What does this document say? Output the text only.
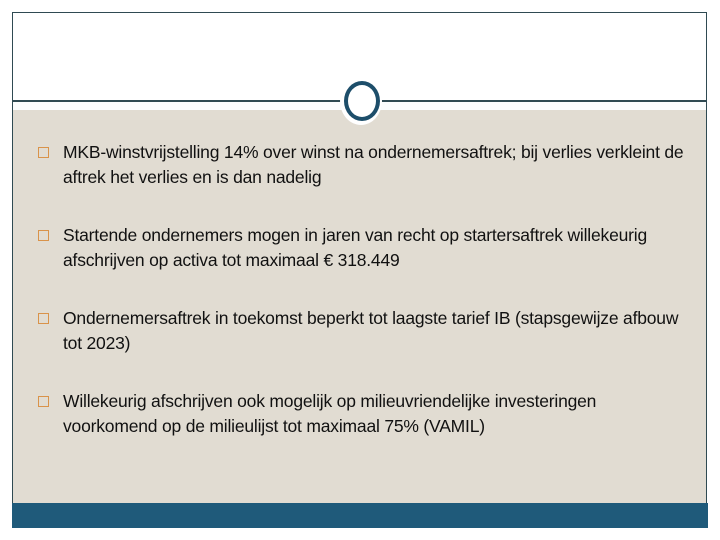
MKB-winstvrijstelling 14% over winst na ondernemersaftrek; bij verlies verkleint de aftrek het verlies en is dan nadelig
Startende ondernemers mogen in jaren van recht op startersaftrek willekeurig afschrijven op activa tot maximaal € 318.449
Ondernemersaftrek in toekomst beperkt tot laagste tarief IB (stapsgewijze afbouw tot 2023)
Willekeurig afschrijven ook mogelijk op milieuvriendelijke investeringen voorkomend op de milieulijst tot maximaal 75% (VAMIL)
